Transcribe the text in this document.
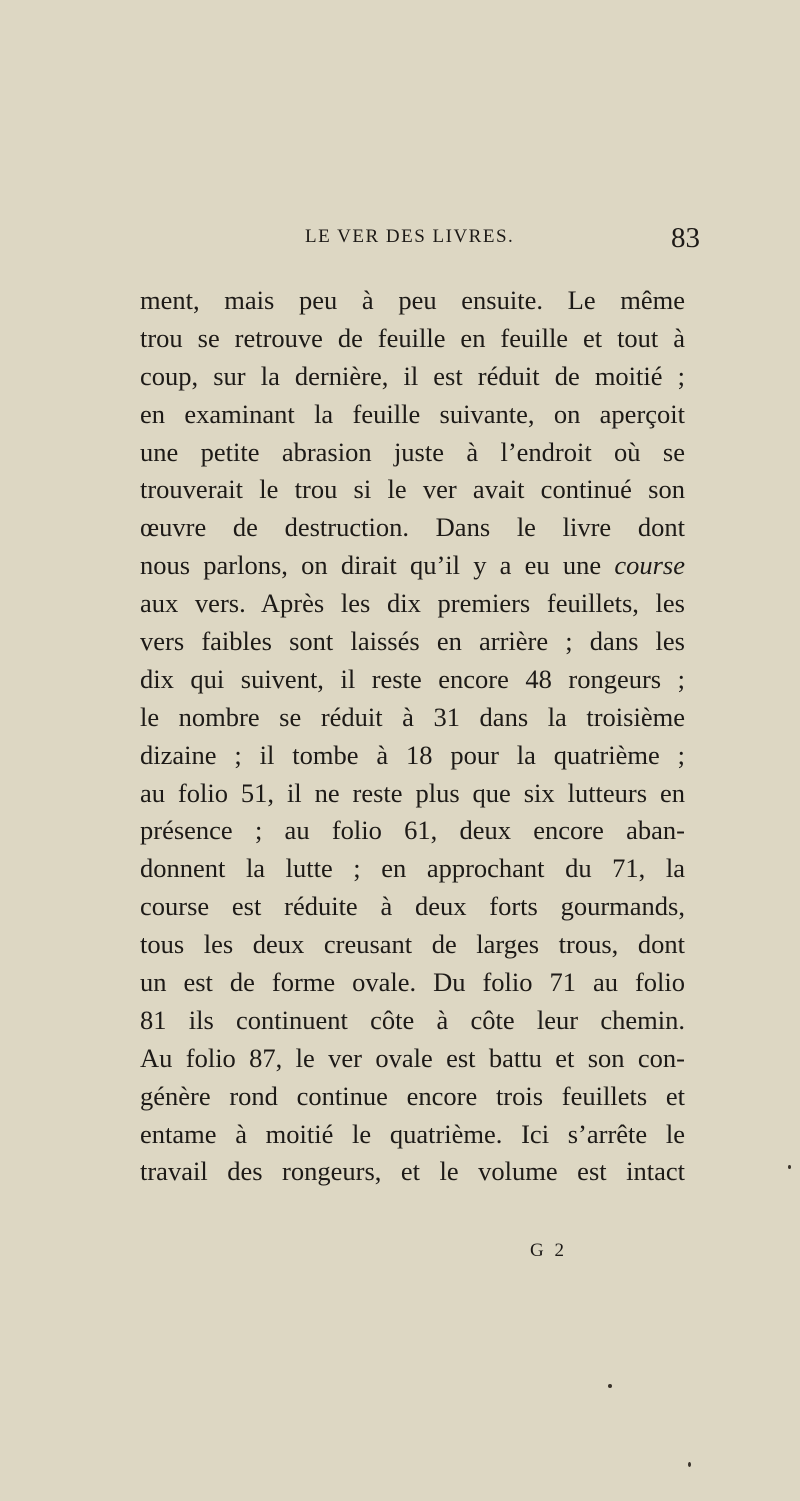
LE VER DES LIVRES.	83
ment, mais peu à peu ensuite. Le même
trou se retrouve de feuille en feuille et tout à
coup, sur la dernière, il est réduit de moitié ;
en examinant la feuille suivante, on aperçoit
une petite abrasion juste à l’endroit où se
trouverait le trou si le ver avait continué son
œuvre de destruction. Dans le livre dont
nous parlons, on dirait qu’il y a eu une course
aux vers. Après les dix premiers feuillets, les
vers faibles sont laissés en arrière ; dans les
dix qui suivent, il reste encore 48 rongeurs ;
le nombre se réduit à 31 dans la troisième
dizaine ; il tombe à 18 pour la quatrième ;
au folio 51, il ne reste plus que six lutteurs en
présence ; au folio 61, deux encore aban-
donnent la lutte ; en approchant du 71, la
course est réduite à deux forts gourmands,
tous les deux creusant de larges trous, dont
un est de forme ovale. Du folio 71 au folio
81 ils continuent côte à côte leur chemin.
Au folio 87, le ver ovale est battu et son con-
génère rond continue encore trois feuillets et
entame à moitié le quatrième. Ici s’arrête le
travail des rongeurs, et le volume est intact
G 2
